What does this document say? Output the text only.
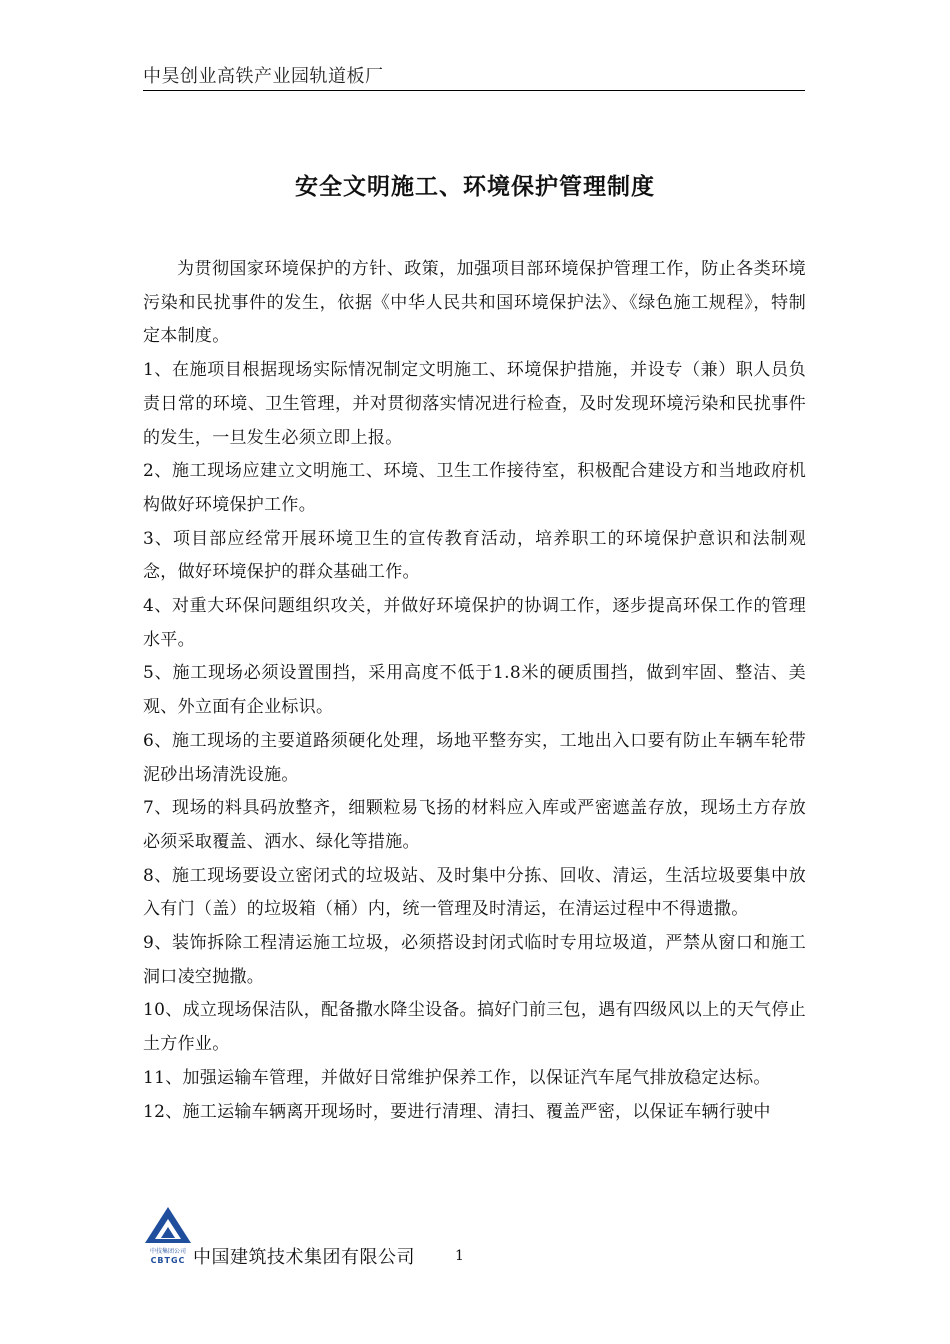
中昊创业高铁产业园轨道板厂
安全文明施工、环境保护管理制度

为贯彻国家环境保护的方针、政策，加强项目部环境保护管理工作，防止各类环境污染和民扰事件的发生，依据《中华人民共和国环境保护法》、《绿色施工规程》，特制定本制度。

1、在施项目根据现场实际情况制定文明施工、环境保护措施，并设专（兼）职人员负责日常的环境、卫生管理，并对贯彻落实情况进行检查，及时发现环境污染和民扰事件的发生，一旦发生必须立即上报。

2、施工现场应建立文明施工、环境、卫生工作接待室，积极配合建设方和当地政府机构做好环境保护工作。

3、项目部应经常开展环境卫生的宣传教育活动，培养职工的环境保护意识和法制观念，做好环境保护的群众基础工作。

4、对重大环保问题组织攻关，并做好环境保护的协调工作，逐步提高环保工作的管理水平。

5、施工现场必须设置围挡，采用高度不低于1.8米的硬质围挡，做到牢固、整洁、美观、外立面有企业标识。

6、施工现场的主要道路须硬化处理，场地平整夯实，工地出入口要有防止车辆车轮带泥砂出场清洗设施。

7、现场的料具码放整齐，细颗粒易飞扬的材料应入库或严密遮盖存放，现场土方存放必须采取覆盖、洒水、绿化等措施。

8、施工现场要设立密闭式的垃圾站、及时集中分拣、回收、清运，生活垃圾要集中放入有门（盖）的垃圾箱（桶）内，统一管理及时清运，在清运过程中不得遗撒。

9、装饰拆除工程清运施工垃圾，必须搭设封闭式临时专用垃圾道，严禁从窗口和施工洞口凌空抛撒。

10、成立现场保洁队，配备撒水降尘设备。搞好门前三包，遇有四级风以上的天气停止土方作业。

11、加强运输车管理，并做好日常维护保养工作，以保证汽车尾气排放稳定达标。

12、施工运输车辆离开现场时，要进行清理、清扫、覆盖严密，以保证车辆行驶中

中技集团公司
CBTGC 中国建筑技术集团有限公司	1
